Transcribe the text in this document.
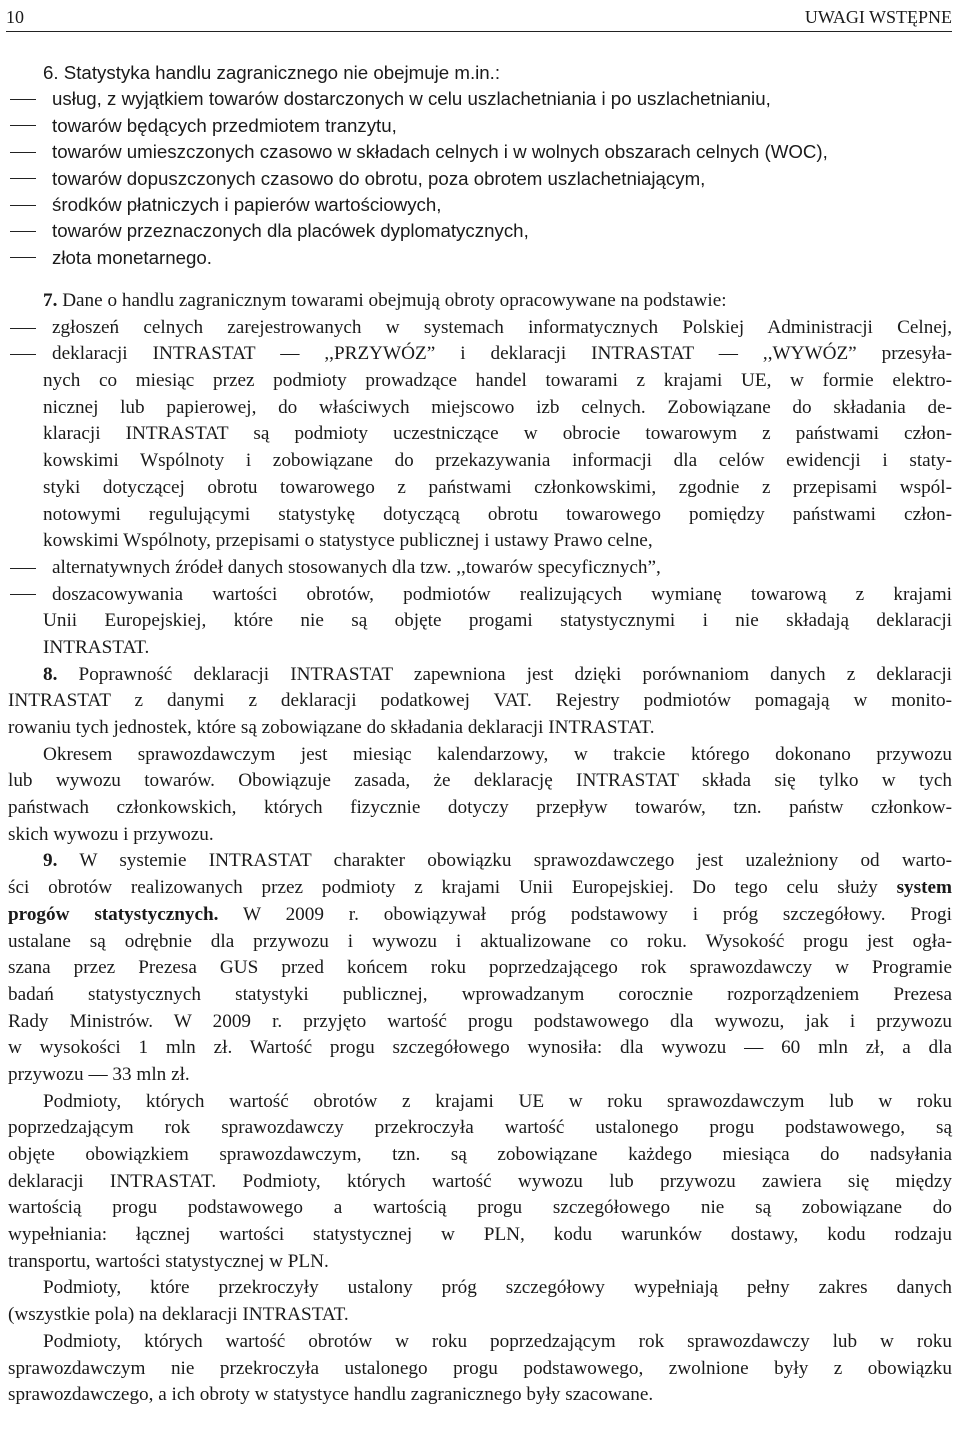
10	UWAGI WSTĘPNE
6. Statystyka handlu zagranicznego nie obejmuje m.in.:
usług, z wyjątkiem towarów dostarczonych w celu uszlachetniania i po uszlachetnianiu,
towarów będących przedmiotem tranzytu,
towarów umieszczonych czasowo w składach celnych i w wolnych obszarach celnych (WOC),
towarów dopuszczonych czasowo do obrotu, poza obrotem uszlachetniającym,
środków płatniczych i papierów wartościowych,
towarów przeznaczonych dla placówek dyplomatycznych,
złota monetarnego.
7. Dane o handlu zagranicznym towarami obejmują obroty opracowywane na podstawie:
zgłoszeń celnych zarejestrowanych w systemach informatycznych Polskiej Administracji Celnej,
deklaracji INTRASTAT — ,,PRZYWÓZ” i deklaracji INTRASTAT — ,,WYWÓZ” przesyła-
nych co miesiąc przez podmioty prowadzące handel towarami z krajami UE, w formie elektro-
nicznej lub papierowej, do właściwych miejscowo izb celnych. Zobowiązane do składania de-
klaracji INTRASTAT są podmioty uczestniczące w obrocie towarowym z państwami człon-
kowskimi Wspólnoty i zobowiązane do przekazywania informacji dla celów ewidencji i staty-
styki dotyczącej obrotu towarowego z państwami członkowskimi, zgodnie z przepisami wspól-
notowymi regulującymi statystykę dotyczącą obrotu towarowego pomiędzy państwami człon-
kowskimi Wspólnoty, przepisami o statystyce publicznej i ustawy Prawo celne,
alternatywnych źródeł danych stosowanych dla tzw. ,,towarów specyficznych”,
doszacowywania wartości obrotów, podmiotów realizujących wymianę towarową z krajami
Unii Europejskiej, które nie są objęte progami statystycznymi i nie składają deklaracji
INTRASTAT.
8. Poprawność deklaracji INTRASTAT zapewniona jest dzięki porównaniom danych z deklaracji
INTRASTAT z danymi z deklaracji podatkowej VAT. Rejestry podmiotów pomagają w monito-
rowaniu tych jednostek, które są zobowiązane do składania deklaracji INTRASTAT.
Okresem sprawozdawczym jest miesiąc kalendarzowy, w trakcie którego dokonano przywozu
lub wywozu towarów. Obowiązuje zasada, że deklarację INTRASTAT składa się tylko w tych
państwach członkowskich, których fizycznie dotyczy przepływ towarów, tzn. państw członkow-
skich wywozu i przywozu.
9. W systemie INTRASTAT charakter obowiązku sprawozdawczego jest uzależniony od warto-
ści obrotów realizowanych przez podmioty z krajami Unii Europejskiej. Do tego celu służy system
progów statystycznych. W 2009 r. obowiązywał próg podstawowy i próg szczegółowy. Progi
ustalane są odrębnie dla przywozu i wywozu i aktualizowane co roku. Wysokość progu jest ogła-
szana przez Prezesa GUS przed końcem roku poprzedzającego rok sprawozdawczy w Programie
badań statystycznych statystyki publicznej, wprowadzanym corocznie rozporządzeniem Prezesa
Rady Ministrów. W 2009 r. przyjęto wartość progu podstawowego dla wywozu, jak i przywozu
w wysokości 1 mln zł. Wartość progu szczegółowego wynosiła: dla wywozu — 60 mln zł, a dla
przywozu — 33 mln zł.
Podmioty, których wartość obrotów z krajami UE w roku sprawozdawczym lub w roku
poprzedzającym rok sprawozdawczy przekroczyła wartość ustalonego progu podstawowego, są
objęte obowiązkiem sprawozdawczym, tzn. są zobowiązane każdego miesiąca do nadsyłania
deklaracji INTRASTAT. Podmioty, których wartość wywozu lub przywozu zawiera się między
wartością progu podstawowego a wartością progu szczegółowego nie są zobowiązane do
wypełniania: łącznej wartości statystycznej w PLN, kodu warunków dostawy, kodu rodzaju
transportu, wartości statystycznej w PLN.
Podmioty, które przekroczyły ustalony próg szczegółowy wypełniają pełny zakres danych
(wszystkie pola) na deklaracji INTRASTAT.
Podmioty, których wartość obrotów w roku poprzedzającym rok sprawozdawczy lub w roku
sprawozdawczym nie przekroczyła ustalonego progu podstawowego, zwolnione były z obowiązku
sprawozdawczego, a ich obroty w statystyce handlu zagranicznego były szacowane.
